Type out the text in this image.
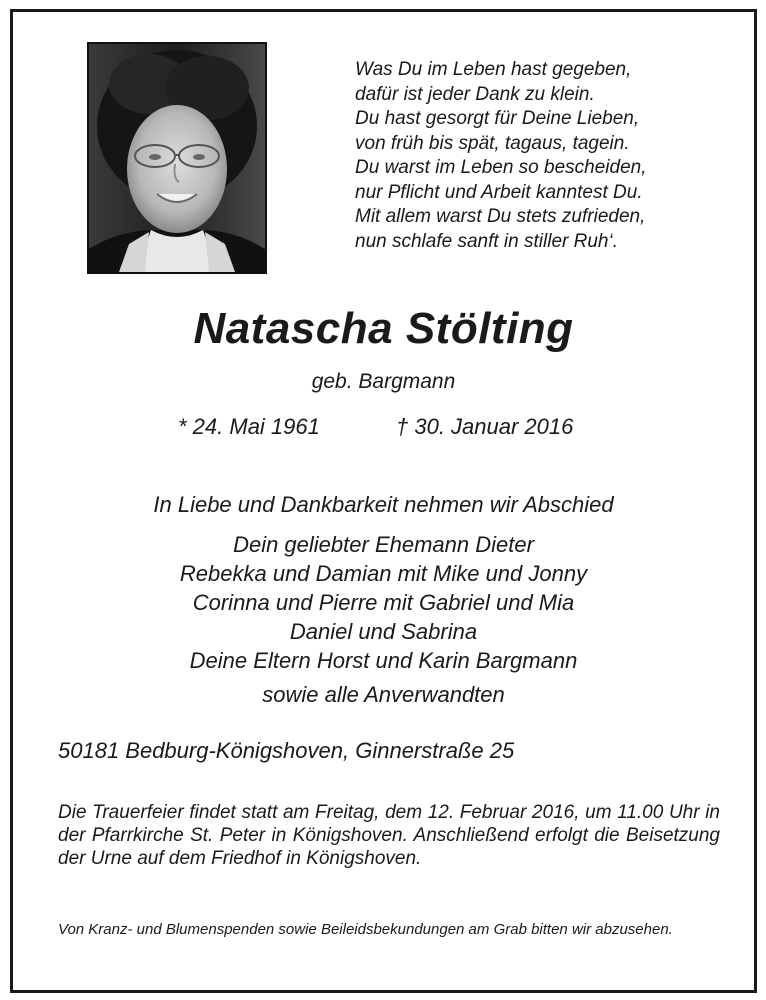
Was Du im Leben hast gegeben,
dafür ist jeder Dank zu klein.
Du hast gesorgt für Deine Lieben,
von früh bis spät, tagaus, tagein.
Du warst im Leben so bescheiden,
nur Pflicht und Arbeit kanntest Du.
Mit allem warst Du stets zufrieden,
nun schlafe sanft in stiller Ruh‘.
Natascha Stölting
geb. Bargmann
* 24. Mai 1961	† 30. Januar 2016
In Liebe und Dankbarkeit nehmen wir Abschied
Dein geliebter Ehemann Dieter
Rebekka und Damian mit Mike und Jonny
Corinna und Pierre mit Gabriel und Mia
Daniel und Sabrina
Deine Eltern Horst und Karin Bargmann
sowie alle Anverwandten
50181 Bedburg-Königshoven, Ginnerstraße 25
Die Trauerfeier findet statt am Freitag, dem 12. Februar 2016, um 11.00 Uhr in der Pfarrkirche St. Peter in Königshoven. Anschließend erfolgt die Beisetzung der Urne auf dem Friedhof in Königshoven.
Von Kranz- und Blumenspenden sowie Beileidsbekundungen am Grab bitten wir abzusehen.
